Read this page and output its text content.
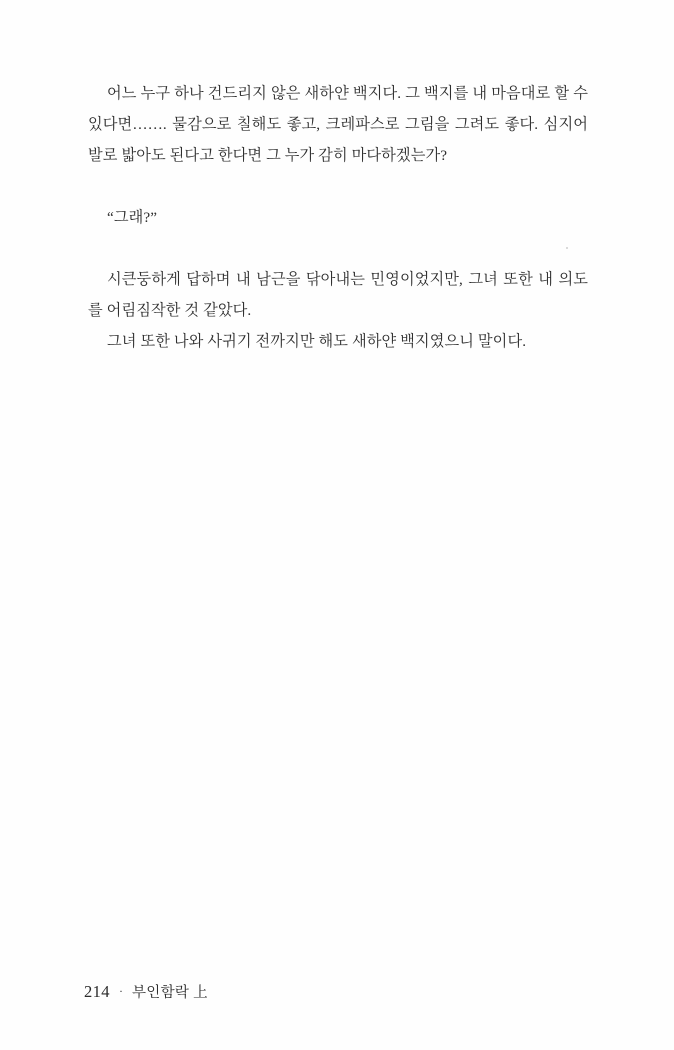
어느 누구 하나 건드리지 않은 새하얀 백지다. 그 백지를 내 마음대로 할 수 있다면……. 물감으로 칠해도 좋고, 크레파스로 그림을 그려도 좋다. 심지어 발로 밟아도 된다고 한다면 그 누가 감히 마다하겠는가?

“그래?”

시큰둥하게 답하며 내 남근을 닦아내는 민영이었지만, 그녀 또한 내 의도를 어림짐작한 것 같았다.

그녀 또한 나와 사귀기 전까지만 해도 새하얀 백지였으니 말이다.

214 · 부인함락 上
